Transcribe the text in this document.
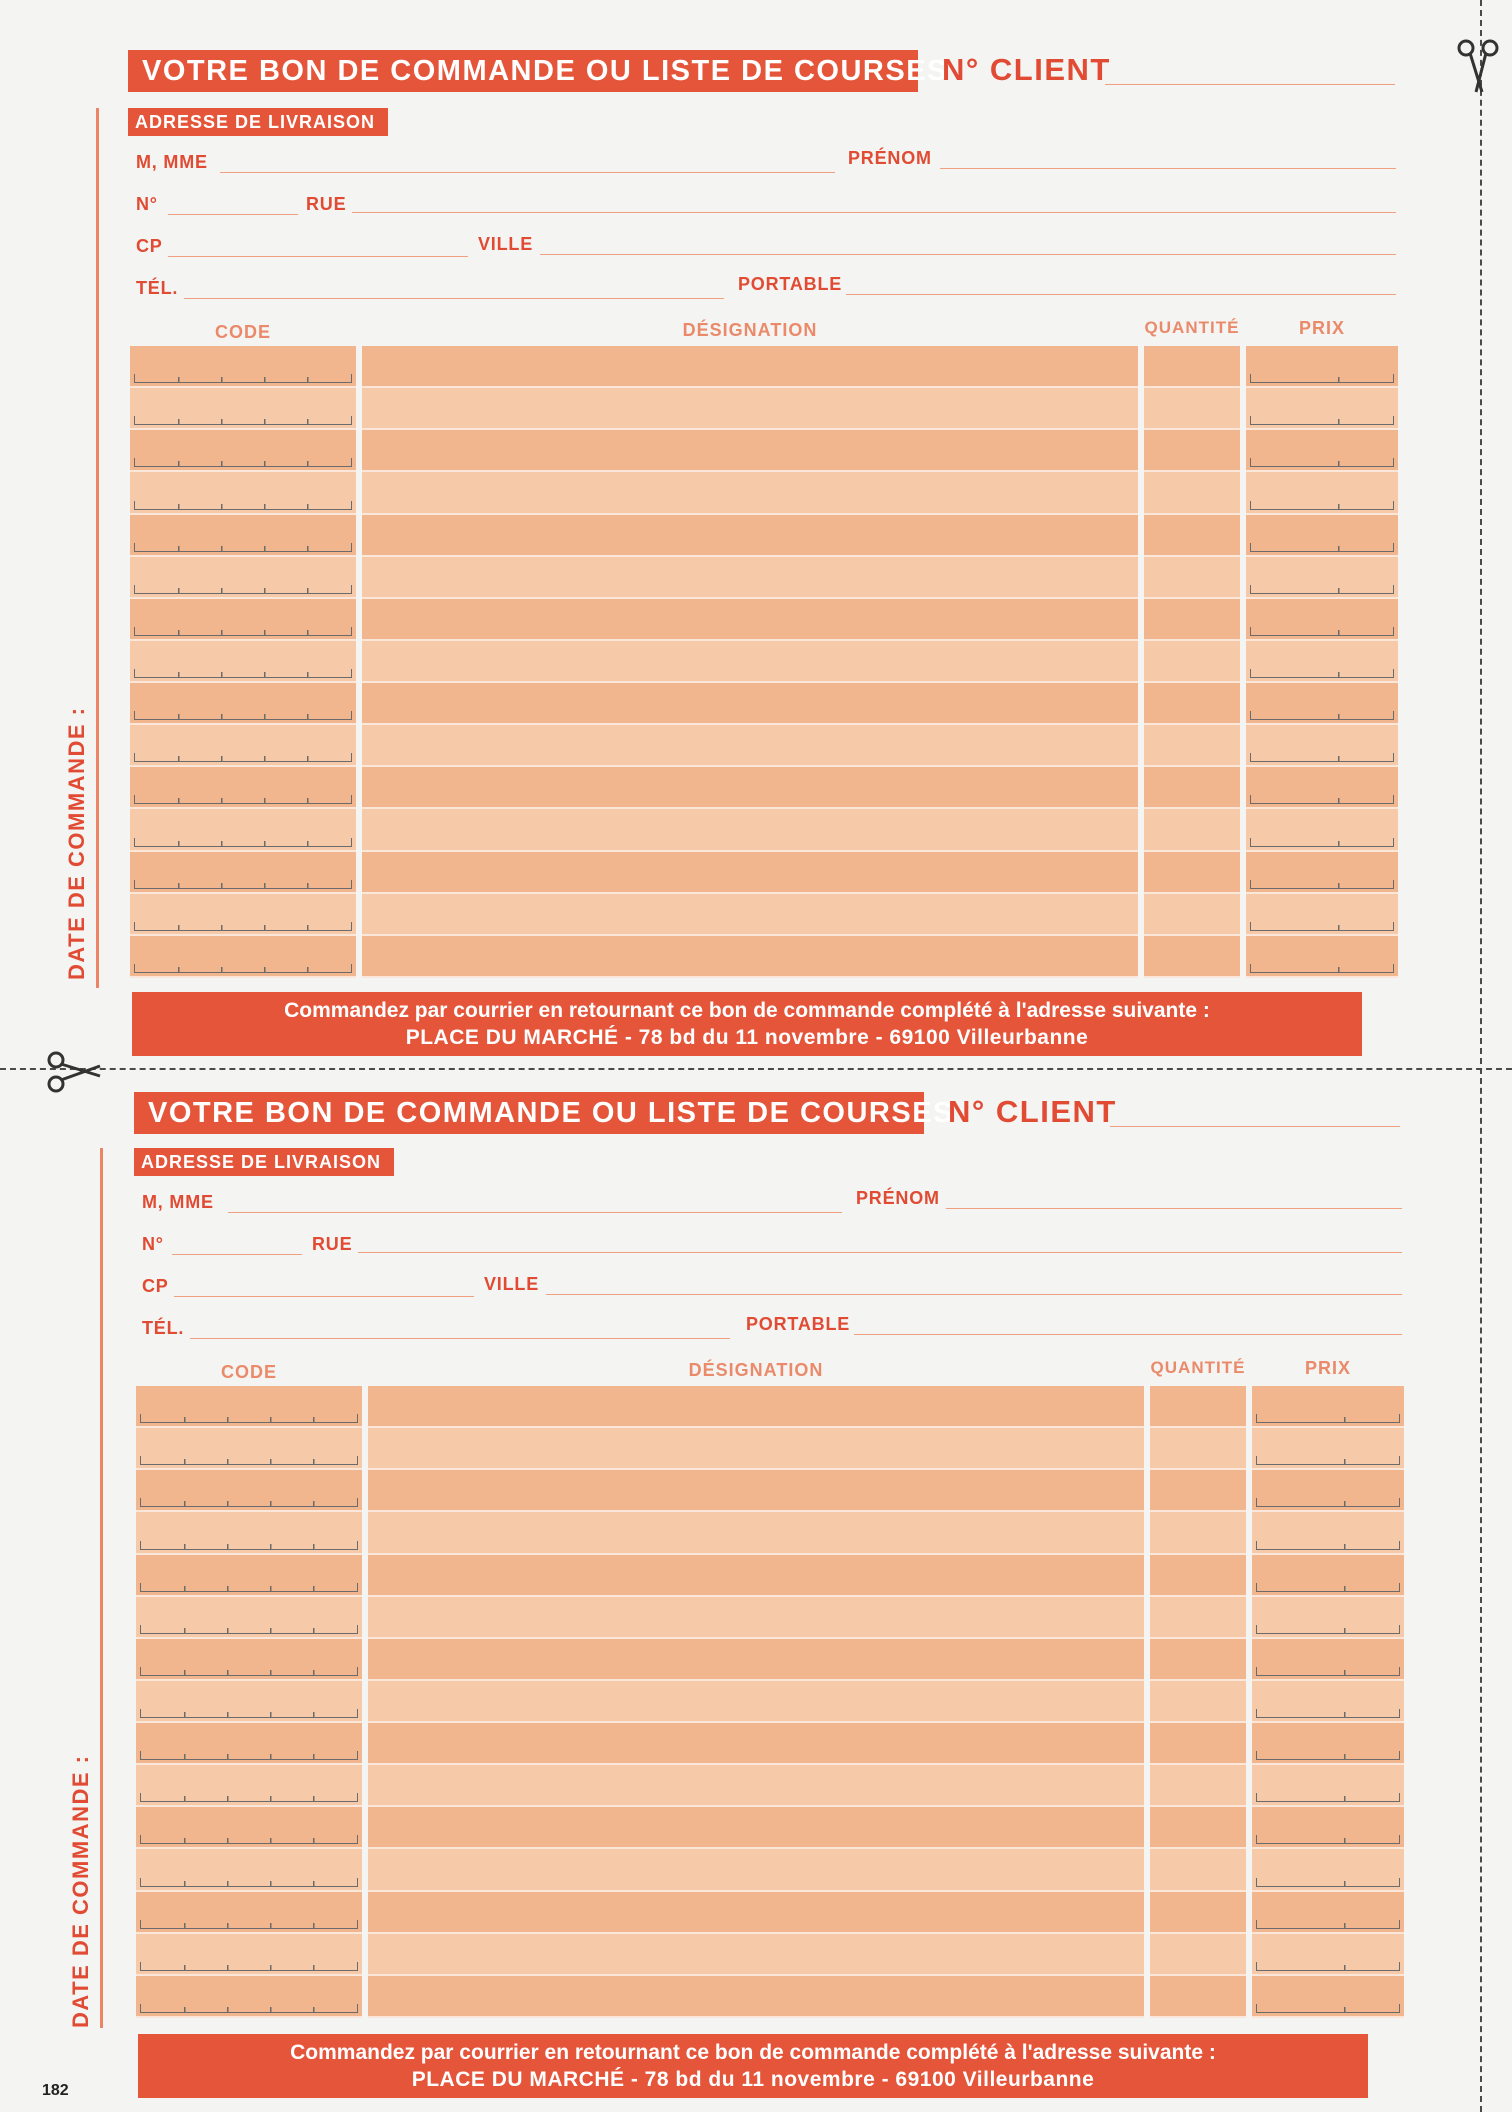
VOTRE BON DE COMMANDE OU LISTE DE COURSES
N° CLIENT
ADRESSE DE LIVRAISON
DATE DE COMMANDE :
M, MME	PRÉNOM
N°	RUE
CP	VILLE
TÉL.	PORTABLE
CODE	DÉSIGNATION	QUANTITÉ	PRIX
Commandez par courrier en retournant ce bon de commande complété à l'adresse suivante :
PLACE DU MARCHÉ - 78 bd du 11 novembre - 69100 Villeurbanne
VOTRE BON DE COMMANDE OU LISTE DE COURSES
N° CLIENT
ADRESSE DE LIVRAISON
DATE DE COMMANDE :
M, MME	PRÉNOM
N°	RUE
CP	VILLE
TÉL.	PORTABLE
CODE	DÉSIGNATION	QUANTITÉ	PRIX
Commandez par courrier en retournant ce bon de commande complété à l'adresse suivante :
PLACE DU MARCHÉ - 78 bd du 11 novembre - 69100 Villeurbanne
182
